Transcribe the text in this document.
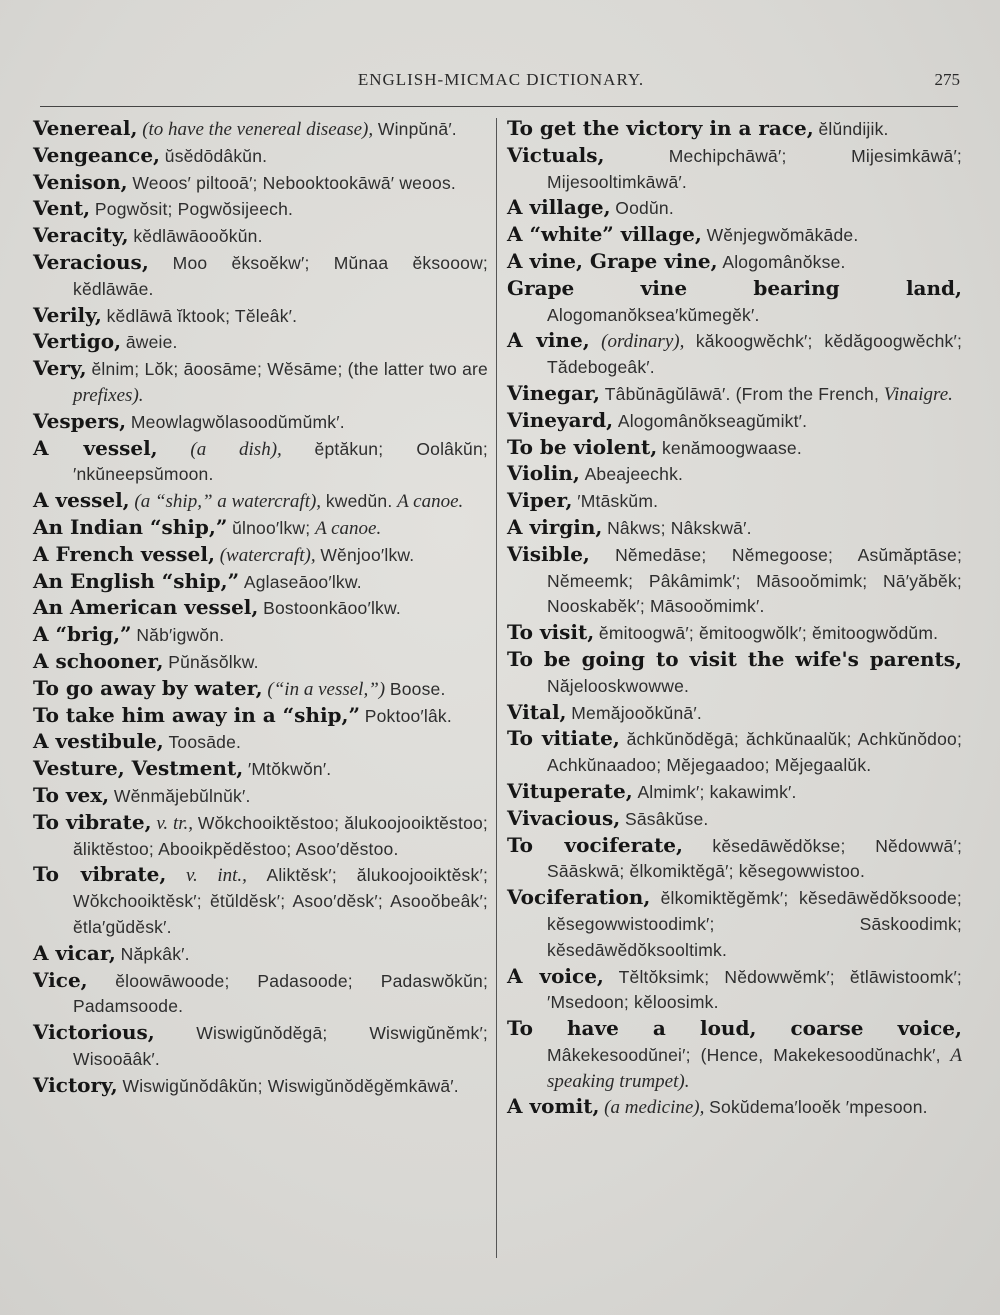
ENGLISH-MICMAC DICTIONARY.	275

Venereal, (to have the venereal disease), Winpŭnā′.

Vengeance, ŭsĕdōdâkŭn.

Venison, Weoos′ piltooā′; Nebooktookāwā′ weoos.

Vent, Pogwŏsit; Pogwŏsijeech.

Veracity, kĕdlāwāooŏkŭn.

Veracious, Moo ĕksoĕkw′; Mŭnaa ĕksooow; kĕdlāwāe.

Verily, kĕdlāwā ĭktook; Tĕleâk′.

Vertigo, āweie.

Very, ĕlnim; Lŏk; āoosāme; Wĕsāme; (the latter two are prefixes).

Vespers, Meowlagwŏlasoodŭmŭmk′.

A vessel, (a dish), ĕptăkun; Oolâkŭn; ′nkŭneepsŭmoon.

A vessel, (a “ship,” a watercraft), kwedŭn. A canoe.

An Indian “ship,” ŭlnoo′lkw; A canoe.

A French vessel, (watercraft), Wĕnjoo′lkw.

An English “ship,” Aglaseāoo′lkw.

An American vessel, Bostoonkāoo′lkw.

A “brig,” Năb′igwŏn.

A schooner, Pŭnăsŏlkw.

To go away by water, (“in a vessel,”) Boose.

To take him away in a “ship,” Poktoo′lâk.

A vestibule, Toosāde.

Vesture, Vestment, ′Mtŏkwŏn′.

To vex, Wĕnmăjebŭlnŭk′.

To vibrate, v. tr., Wŏkchooiktĕstoo; ălukoojooiktĕstoo; ăliktĕstoo; Abooikpĕdĕstoo; Asoo′dĕstoo.

To vibrate, v. int., Aliktĕsk′; ălukoojooiktĕsk′; Wŏkchooiktĕsk′; ĕtŭldĕsk′; Asoo′dĕsk′; Asooŏbeâk′; ĕtla′gŭdĕsk′.

A vicar, Năpkâk′.

Vice, ĕloowāwoode; Padasoode; Padaswŏkŭn; Padamsoode.

Victorious, Wiswigŭnŏdĕgā; Wiswigŭnĕmk′; Wisooāâk′.

Victory, Wiswigŭnŏdâkŭn; Wiswigŭnŏdĕgĕmkāwā′.

To get the victory in a race, ĕlŭndijik.

Victuals,	Mechipchāwā′; Mijesimkāwā′; Mijesooltimkāwā′.

A village, Oodŭn.

A “white” village, Wĕnjegwŏmākāde.

A vine, Grape vine, Alogomânŏkse.

Grape vine bearing land, Alogomanŏksea′kŭmegĕk′.

A vine, (ordinary), kăkoogwĕchk′; kĕdăgoogwĕchk′; Tădebogeâk′.

Vinegar, Tâbŭnāgŭlāwā′. (From the French, Vinaigre.

Vineyard, Alogomânŏkseagŭmikt′.

To be violent, kenămoogwaase.

Violin, Abeajeechk.

Viper, ′Mtāskŭm.

A virgin, Nâkws; Nâkskwā′.

Visible, Nĕmedāse; Nĕmegoose; Asŭmăptāse; Nĕmeemk; Pâkâmimk′; Māsooŏmimk; Nā′yăbĕk; Nooskabĕk′; Māsooŏmimk′.

To visit, ĕmitoogwā′; ĕmitoogwŏlk′; ĕmitoogwŏdŭm.

To be going to visit the wife's parents, Năjelooskwowwe.

Vital, Memăjooŏkŭnā′.

To vitiate, ăchkŭnŏdĕgā; ăchkŭnaalŭk; Achkŭnŏdoo; Achkŭnaadoo; Mĕjegaadoo; Mĕjegaalŭk.

Vituperate, Almimk′; kakawimk′.

Vivacious, Sāsâkŭse.

To vociferate, kĕsedāwĕdŏkse; Nĕdowwā′; Sāāskwā; ĕlkomiktĕgā′; kĕsegowwistoo.

Vociferation, ĕlkomiktĕgĕmk′; kĕsedāwĕdŏksoode; kĕsegowwistoodimk′; Sāskoodimk; kĕsedāwĕdŏksooltimk.

A voice, Tĕltŏksimk; Nĕdowwĕmk′; ĕtlāwistoomk′; ′Msedoon; kĕloosimk.

To have a loud, coarse voice, Mâkekesoodŭnei′; (Hence, Makekesoodŭnachk′, A speaking trumpet).

A vomit, (a medicine), Sokŭdema′looĕk ′mpesoon.
